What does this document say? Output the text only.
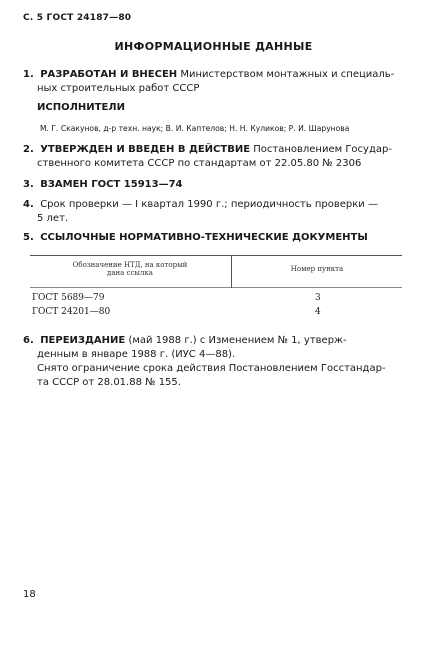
С. 5 ГОСТ 24187—80
ИНФОРМАЦИОННЫЕ ДАННЫЕ
1. РАЗРАБОТАН И ВНЕСЕН Министерством монтажных и специаль-
ных строительных работ СССР
ИСПОЛНИТЕЛИ
М. Г. Скакунов, д-р техн. наук; В. И. Каптелов; Н. Н. Куликов; Р. И. Шарунова
2. УТВЕРЖДЕН И ВВЕДЕН В ДЕЙСТВИЕ Постановлением Государ-
ственного комитета СССР по стандартам от 22.05.80 № 2306
3. ВЗАМЕН ГОСТ 15913—74
4. Срок проверки — I квартал 1990 г.; периодичность проверки —
5 лет.
5. ССЫЛОЧНЫЕ НОРМАТИВНО-ТЕХНИЧЕСКИЕ ДОКУМЕНТЫ
Обозначение НТД, на который
дана ссылка	Номер пункта
ГОСТ 5689—79	3
ГОСТ 24201—80	4
6. ПЕРЕИЗДАНИЕ (май 1988 г.) с Изменением № 1, утверж-
денным в январе 1988 г. (ИУС 4—88).
Снято ограничение срока действия Постановлением Госстандар-
та СССР от 28.01.88 № 155.
18
